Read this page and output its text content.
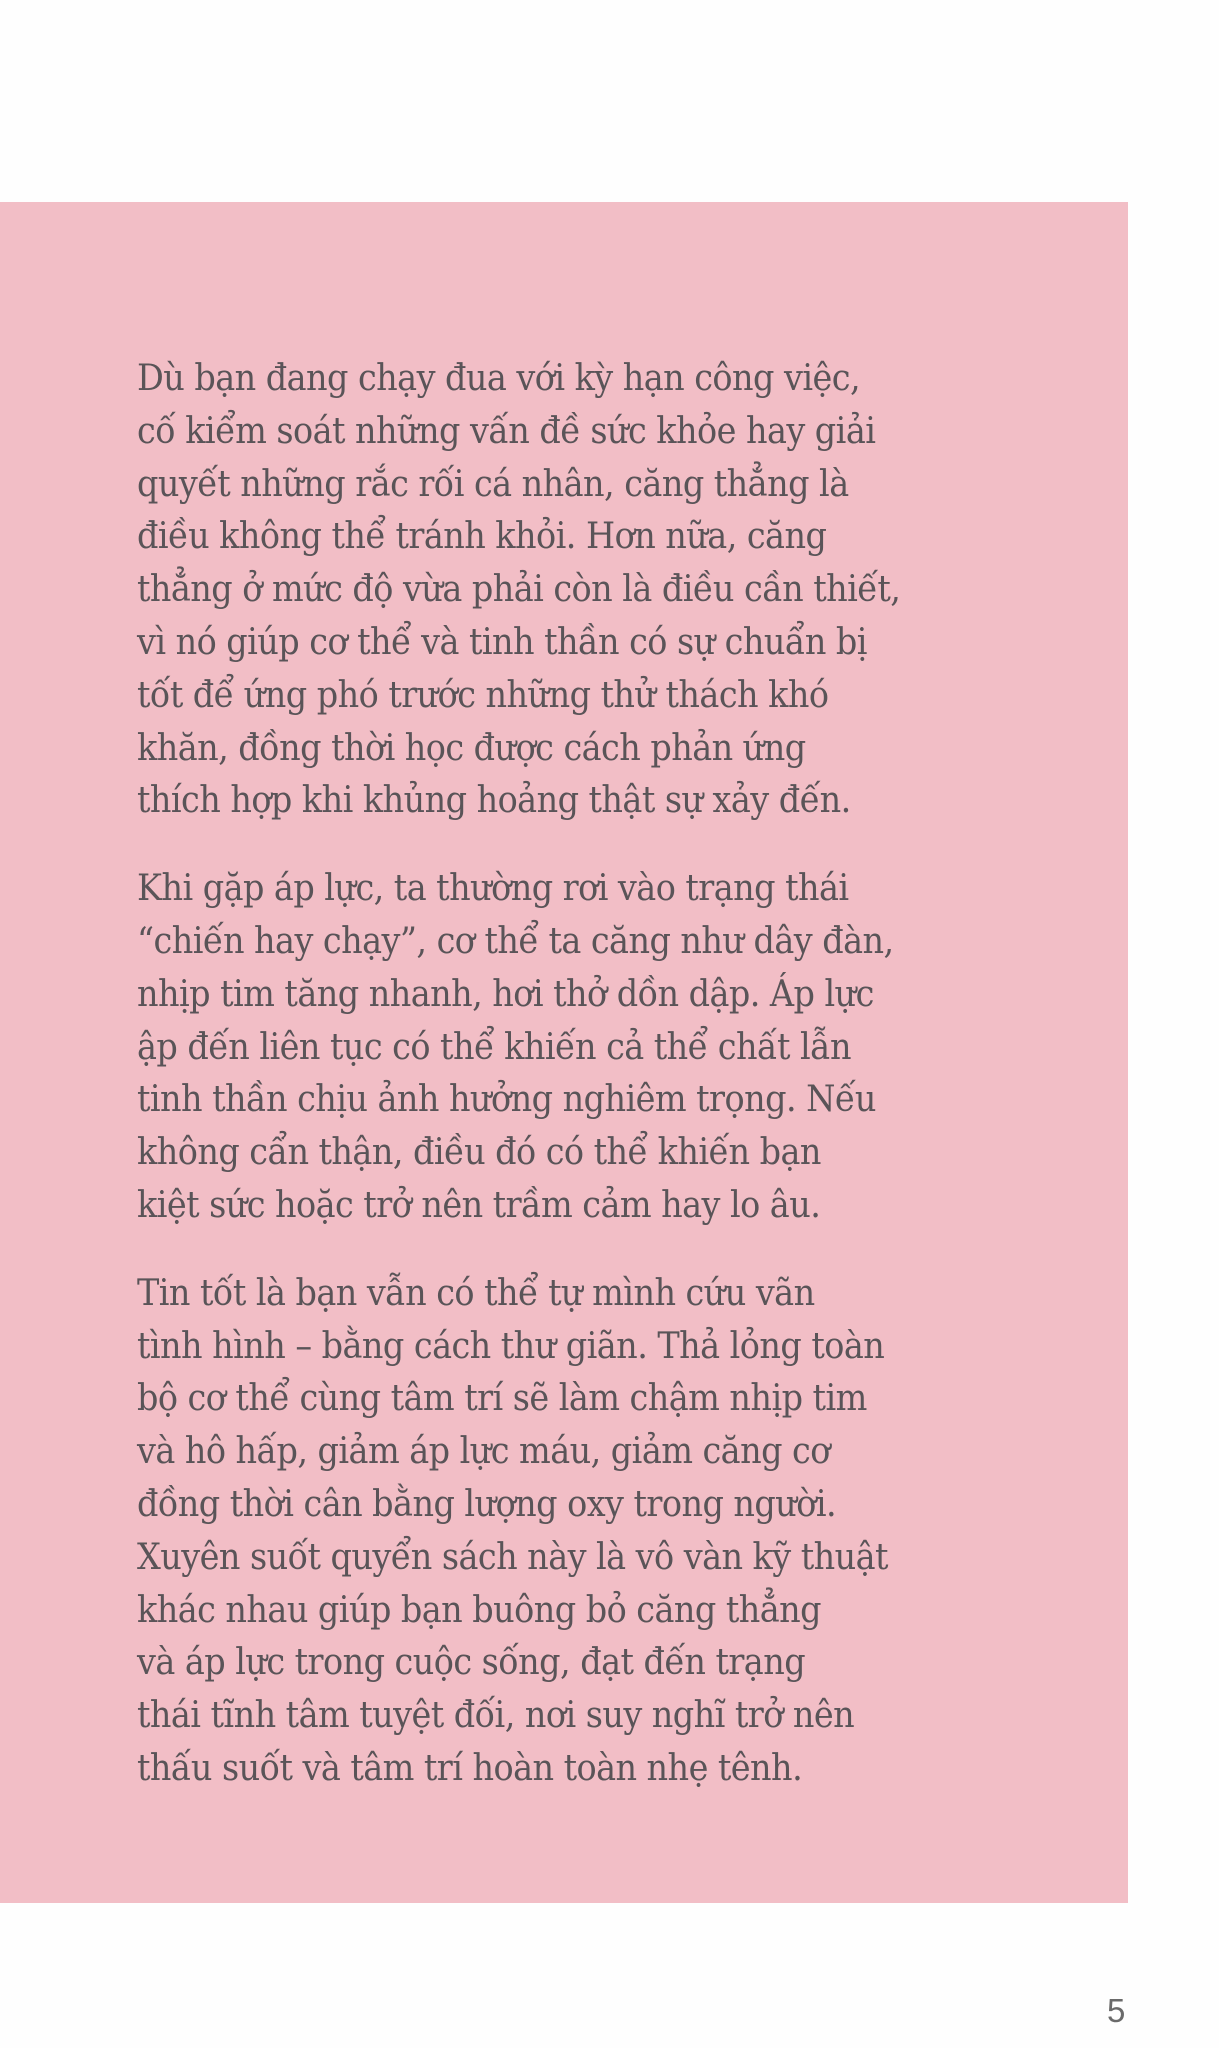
Dù bạn đang chạy đua với kỳ hạn công việc,
cố kiểm soát những vấn đề sức khỏe hay giải
quyết những rắc rối cá nhân, căng thẳng là
điều không thể tránh khỏi. Hơn nữa, căng
thẳng ở mức độ vừa phải còn là điều cần thiết,
vì nó giúp cơ thể và tinh thần có sự chuẩn bị
tốt để ứng phó trước những thử thách khó
khăn, đồng thời học được cách phản ứng
thích hợp khi khủng hoảng thật sự xảy đến.

Khi gặp áp lực, ta thường rơi vào trạng thái
“chiến hay chạy”, cơ thể ta căng như dây đàn,
nhịp tim tăng nhanh, hơi thở dồn dập. Áp lực
ập đến liên tục có thể khiến cả thể chất lẫn
tinh thần chịu ảnh hưởng nghiêm trọng. Nếu
không cẩn thận, điều đó có thể khiến bạn
kiệt sức hoặc trở nên trầm cảm hay lo âu.

Tin tốt là bạn vẫn có thể tự mình cứu vãn
tình hình – bằng cách thư giãn. Thả lỏng toàn
bộ cơ thể cùng tâm trí sẽ làm chậm nhịp tim
và hô hấp, giảm áp lực máu, giảm căng cơ
đồng thời cân bằng lượng oxy trong người.
Xuyên suốt quyển sách này là vô vàn kỹ thuật
khác nhau giúp bạn buông bỏ căng thẳng
và áp lực trong cuộc sống, đạt đến trạng
thái tĩnh tâm tuyệt đối, nơi suy nghĩ trở nên
thấu suốt và tâm trí hoàn toàn nhẹ tênh.

5
